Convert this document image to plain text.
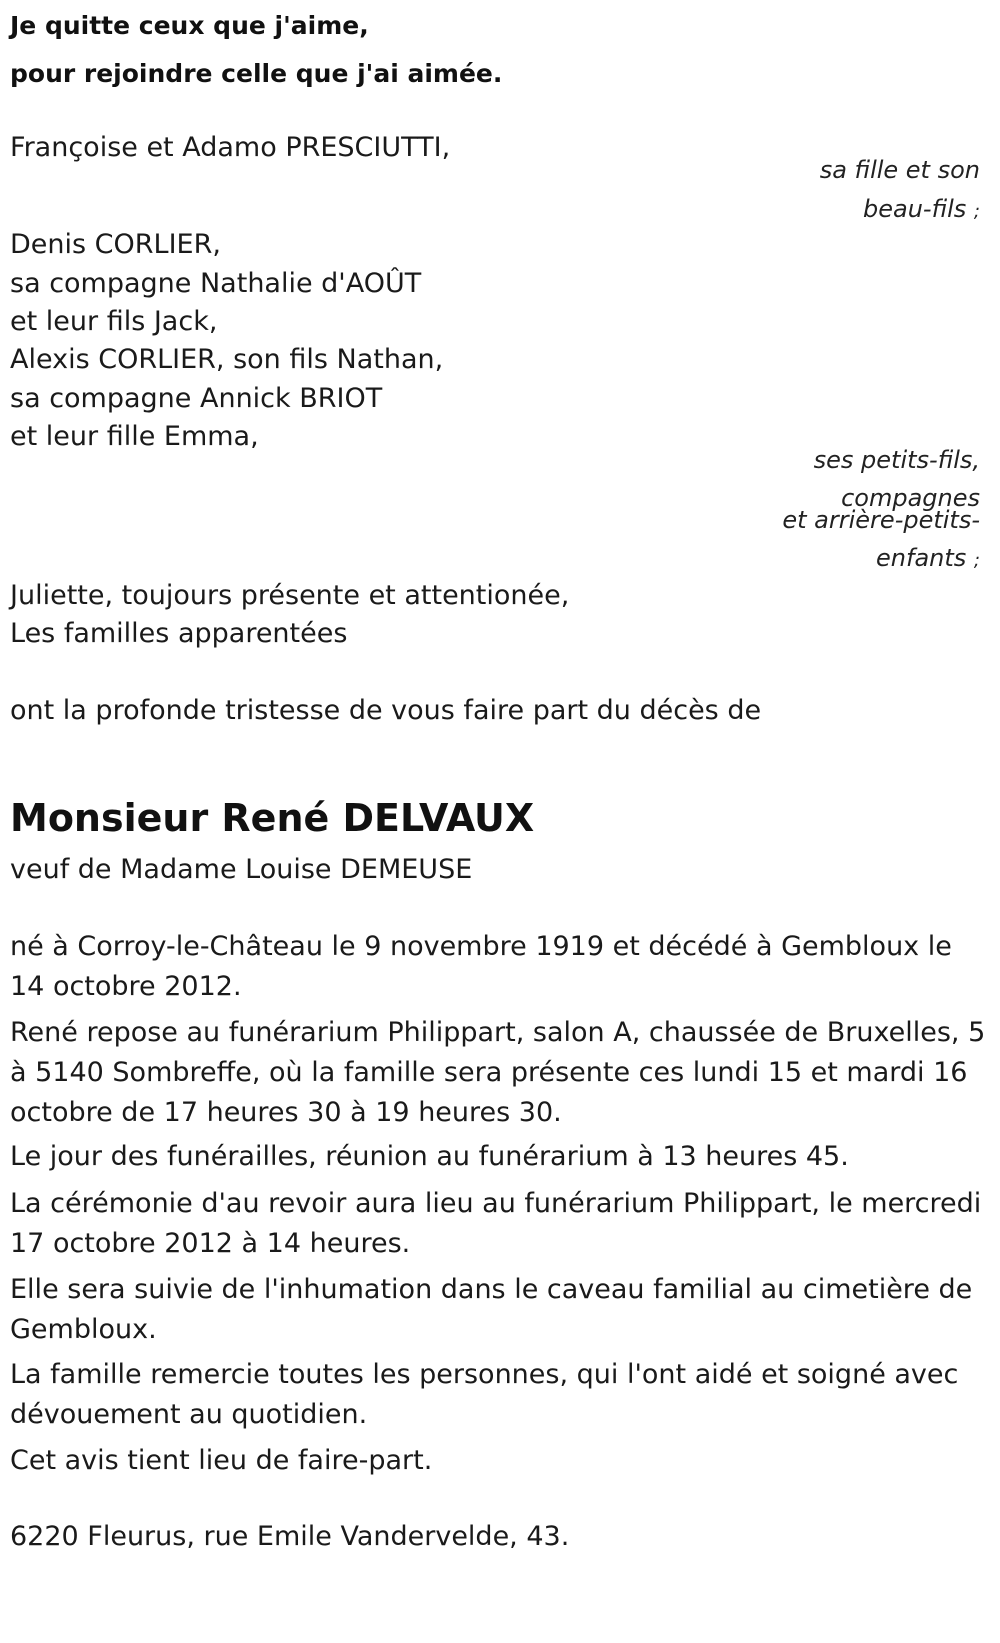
Je quitte ceux que j'aime,
pour rejoindre celle que j'ai aimée.
Françoise et Adamo PRESCIUTTI,
sa fille et son
beau-fils ;
Denis CORLIER,
sa compagne Nathalie d'AOÛT
et leur fils Jack,
Alexis CORLIER, son fils Nathan,
sa compagne Annick BRIOT
et leur fille Emma,
ses petits-fils,
compagnes
et arrière-petits-
enfants ;
Juliette, toujours présente et attentionée,
Les familles apparentées
ont la profonde tristesse de vous faire part du décès de
Monsieur René DELVAUX
veuf de Madame Louise DEMEUSE
né à Corroy-le-Château le 9 novembre 1919 et décédé à Gembloux le 14 octobre 2012.
René repose au funérarium Philippart, salon A, chaussée de Bruxelles, 5 à 5140 Sombreffe, où la famille sera présente ces lundi 15 et mardi 16 octobre de 17 heures 30 à 19 heures 30.
Le jour des funérailles, réunion au funérarium à 13 heures 45.
La cérémonie d'au revoir aura lieu au funérarium Philippart, le mercredi 17 octobre 2012 à 14 heures.
Elle sera suivie de l'inhumation dans le caveau familial au cimetière de Gembloux.
La famille remercie toutes les personnes, qui l'ont aidé et soigné avec dévouement au quotidien.
Cet avis tient lieu de faire-part.
6220 Fleurus, rue Emile Vandervelde, 43.
